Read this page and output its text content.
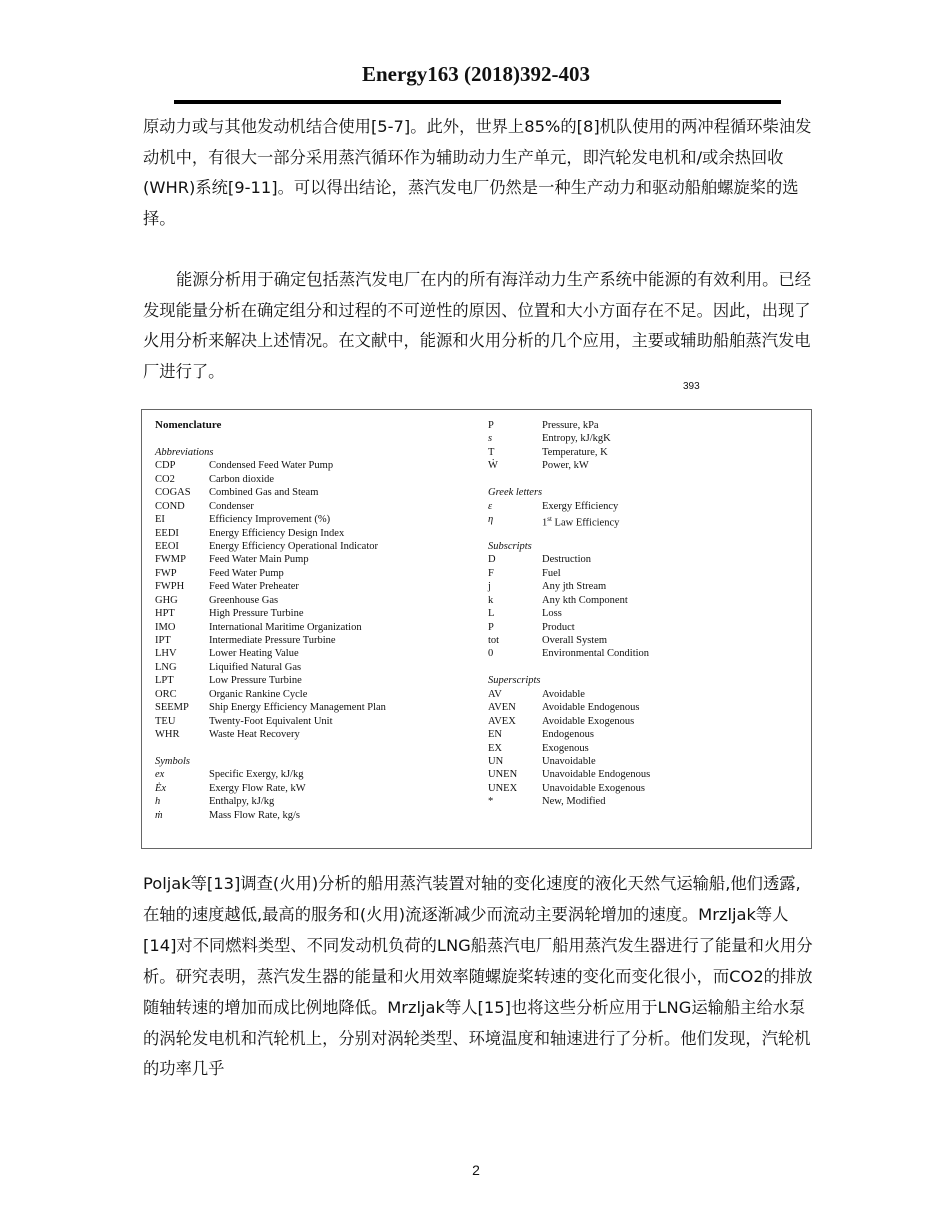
Energy163 (2018)392-403

原动力或与其他发动机结合使用[5-7]。此外，世界上85%的[8]机队使用的两冲程循环柴油发动机中，有很大一部分采用蒸汽循环作为辅助动力生产单元，即汽轮发电机和/或余热回收(WHR)系统[9-11]。可以得出结论，蒸汽发电厂仍然是一种生产动力和驱动船舶螺旋桨的选择。

能源分析用于确定包括蒸汽发电厂在内的所有海洋动力生产系统中能源的有效利用。已经发现能量分析在确定组分和过程的不可逆性的原因、位置和大小方面存在不足。因此，出现了火用分析来解决上述情况。在文献中，能源和火用分析的几个应用，主要或辅助船舶蒸汽发电厂进行了。

393
Nomenclature
Abbreviations
CDP	Condensed Feed Water Pump
CO2	Carbon dioxide
COGAS	Combined Gas and Steam
COND	Condenser
EI	Efficiency Improvement (%)
EEDI	Energy Efficiency Design Index
EEOI	Energy Efficiency Operational Indicator
FWMP	Feed Water Main Pump
FWP	Feed Water Pump
FWPH	Feed Water Preheater
GHG	Greenhouse Gas
HPT	High Pressure Turbine
IMO	International Maritime Organization
IPT	Intermediate Pressure Turbine
LHV	Lower Heating Value
LNG	Liquified Natural Gas
LPT	Low Pressure Turbine
ORC	Organic Rankine Cycle
SEEMP	Ship Energy Efficiency Management Plan
TEU	Twenty-Foot Equivalent Unit
WHR	Waste Heat Recovery
Symbols
ex	Specific Exergy, kJ/kg
Ėx	Exergy Flow Rate, kW
h	Enthalpy, kJ/kg
ṁ	Mass Flow Rate, kg/s
P	Pressure, kPa
s	Entropy, kJ/kgK
T	Temperature, K
Ẇ	Power, kW
Greek letters
ε	Exergy Efficiency
η	1st Law Efficiency
Subscripts
D	Destruction
F	Fuel
j	Any jth Stream
k	Any kth Component
L	Loss
P	Product
tot	Overall System
0	Environmental Condition
Superscripts
AV	Avoidable
AVEN	Avoidable Endogenous
AVEX	Avoidable Exogenous
EN	Endogenous
EX	Exogenous
UN	Unavoidable
UNEN	Unavoidable Endogenous
UNEX	Unavoidable Exogenous
*	New, Modified

Poljak等[13]调查(火用)分析的船用蒸汽装置对轴的变化速度的液化天然气运输船,他们透露,在轴的速度越低,最高的服务和(火用)流逐渐减少而流动主要涡轮增加的速度。Mrzljak等人[14]对不同燃料类型、不同发动机负荷的LNG船蒸汽电厂船用蒸汽发生器进行了能量和火用分析。研究表明，蒸汽发生器的能量和火用效率随螺旋桨转速的变化而变化很小，而CO2的排放随轴转速的增加而成比例地降低。Mrzljak等人[15]也将这些分析应用于LNG运输船主给水泵的涡轮发电机和汽轮机上，分别对涡轮类型、环境温度和轴速进行了分析。他们发现，汽轮机的功率几乎

2
